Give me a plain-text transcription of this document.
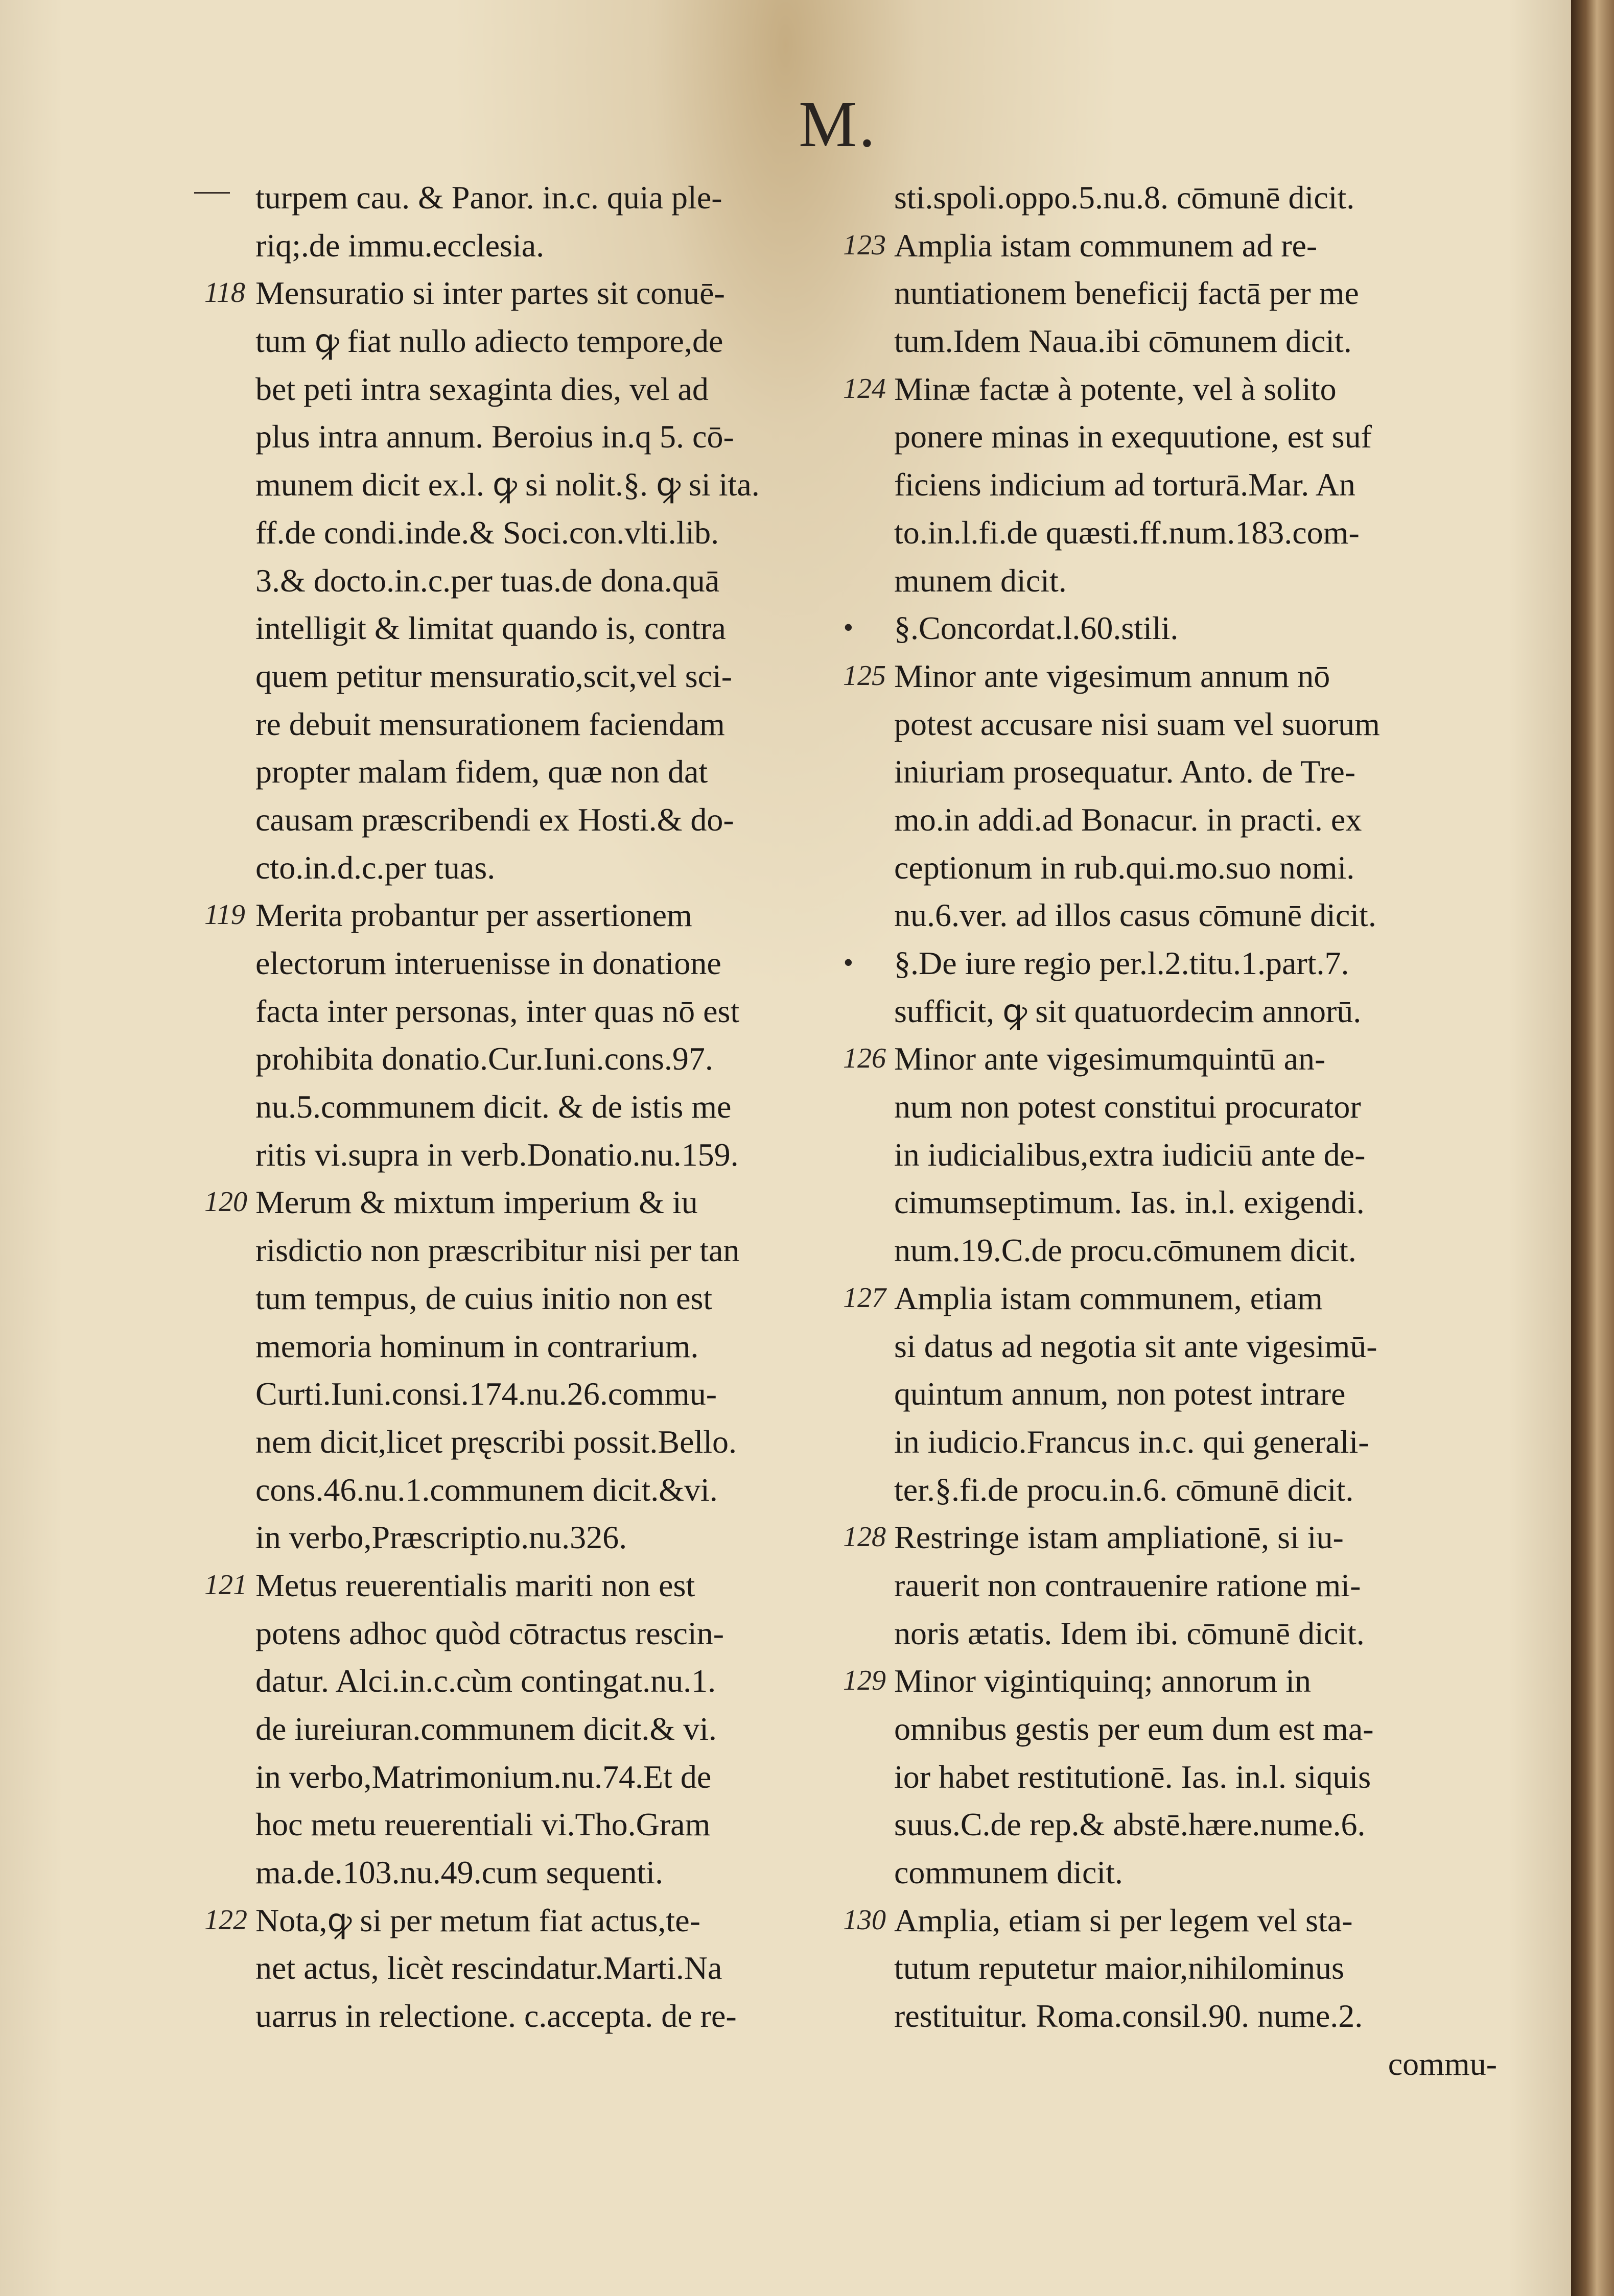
M.
turpem cau. & Panor. in.c. quia ple-
riq;.de immu.ecclesia.
118 Mensuratio si inter partes sit conuē-
tum ꝙ fiat nullo adiecto tempore,de
bet peti intra sexaginta dies, vel ad
plus intra annum. Beroius in.q 5. cō-
munem dicit ex.l. ꝙ si nolit.§. ꝙ si ita.
ff.de condi.inde.& Soci.con.vlti.lib.
3.& docto.in.c.per tuas.de dona.quā
intelligit & limitat quando is, contra
quem petitur mensuratio,scit,vel sci-
re debuit mensurationem faciendam
propter malam fidem, quæ non dat
causam præscribendi ex Hosti.& do-
cto.in.d.c.per tuas.
119 Merita probantur per assertionem
electorum interuenisse in donatione
facta inter personas, inter quas nō est
prohibita donatio.Cur.Iuni.cons.97.
nu.5.communem dicit. & de istis me
ritis vi.supra in verb.Donatio.nu.159.
120 Merum & mixtum imperium & iu
risdictio non præscribitur nisi per tan
tum tempus, de cuius initio non est
memoria hominum in contrarium.
Curti.Iuni.consi.174.nu.26.commu-
nem dicit,licet pręscribi possit.Bello.
cons.46.nu.1.communem dicit.&vi.
in verbo,Præscriptio.nu.326.
121 Metus reuerentialis mariti non est
potens adhoc quòd cōtractus rescin-
datur. Alci.in.c.cùm contingat.nu.1.
de iureiuran.communem dicit.& vi.
in verbo,Matrimonium.nu.74.Et de
hoc metu reuerentiali vi.Tho.Gram
ma.de.103.nu.49.cum sequenti.
122 Nota,ꝙ si per metum fiat actus,te-
net actus, licèt rescindatur.Marti.Na
uarrus in relectione. c.accepta. de re-
sti.spoli.oppo.5.nu.8. cōmunē dicit.
123 Amplia istam communem ad re-
nuntiationem beneficij factā per me
tum.Idem Naua.ibi cōmunem dicit.
124 Minæ factæ à potente, vel à solito
ponere minas in exequutione, est suf
ficiens indicium ad torturā.Mar. An
to.in.l.fi.de quæsti.ff.num.183.com-
munem dicit.
•	§.Concordat.l.60.stili.
125 Minor ante vigesimum annum nō
potest accusare nisi suam vel suorum
iniuriam prosequatur. Anto. de Tre-
mo.in addi.ad Bonacur. in practi. ex
ceptionum in rub.qui.mo.suo nomi.
nu.6.ver. ad illos casus cōmunē dicit.
•	§.De iure regio per.l.2.titu.1.part.7.
sufficit, ꝙ sit quatuordecim annorū.
126 Minor ante vigesimumquintū an-
num non potest constitui procurator
in iudicialibus,extra iudiciū ante de-
cimumseptimum. Ias. in.l. exigendi.
num.19.C.de procu.cōmunem dicit.
127 Amplia istam communem, etiam
si datus ad negotia sit ante vigesimū-
quintum annum, non potest intrare
in iudicio.Francus in.c. qui generali-
ter.§.fi.de procu.in.6. cōmunē dicit.
128 Restringe istam ampliationē, si iu-
rauerit non contrauenire ratione mi-
noris ætatis. Idem ibi. cōmunē dicit.
129 Minor vigintiquinq; annorum in
omnibus gestis per eum dum est ma-
ior habet restitutionē. Ias. in.l. siquis
suus.C.de rep.& abstē.hære.nume.6.
communem dicit.
130 Amplia, etiam si per legem vel sta-
tutum reputetur maior,nihilominus
restituitur. Roma.consil.90. nume.2.
commu-
